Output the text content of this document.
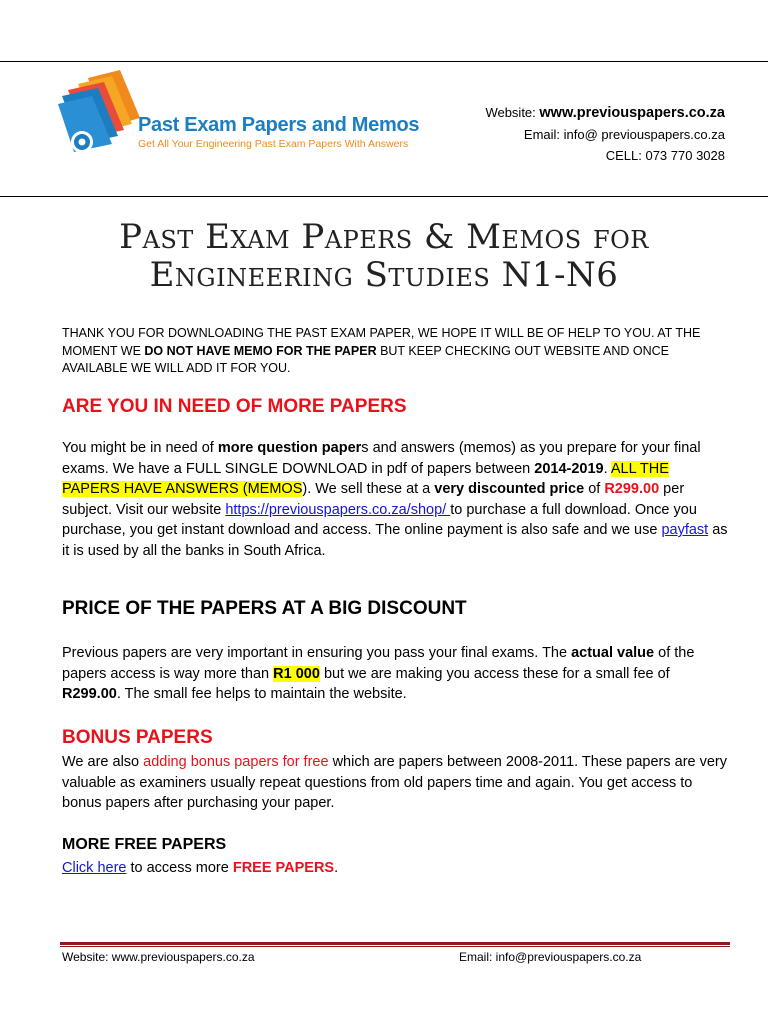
Past Exam Papers and Memos
Get All Your Engineering Past Exam Papers With Answers
Website: www.previouspapers.co.za
Email: info@ previouspapers.co.za
CELL: 073 770 3028
Past Exam Papers & Memos for
Engineering Studies N1-N6
THANK YOU FOR DOWNLOADING THE PAST EXAM PAPER, WE HOPE IT WILL BE OF HELP TO YOU. AT THE MOMENT WE DO NOT HAVE MEMO FOR THE PAPER BUT KEEP CHECKING OUT WEBSITE AND ONCE AVAILABLE WE WILL ADD IT FOR YOU.
ARE YOU IN NEED OF MORE PAPERS
You might be in need of more question papers and answers (memos) as you prepare for your final exams. We have a FULL SINGLE DOWNLOAD in pdf of papers between 2014-2019. ALL THE PAPERS HAVE ANSWERS (MEMOS). We sell these at a very discounted price of R299.00 per subject. Visit our website https://previouspapers.co.za/shop/ to purchase a full download. Once you purchase, you get instant download and access. The online payment is also safe and we use payfast as it is used by all the banks in South Africa.
PRICE OF THE PAPERS AT A BIG DISCOUNT
Previous papers are very important in ensuring you pass your final exams. The actual value of the papers access is way more than R1 000 but we are making you access these for a small fee of R299.00. The small fee helps to maintain the website.
BONUS PAPERS
We are also adding bonus papers for free which are papers between 2008-2011. These papers are very valuable as examiners usually repeat questions from old papers time and again. You get access to bonus papers after purchasing your paper.
MORE FREE PAPERS
Click here to access more FREE PAPERS.
Website: www.previouspapers.co.za	Email: info@previouspapers.co.za
